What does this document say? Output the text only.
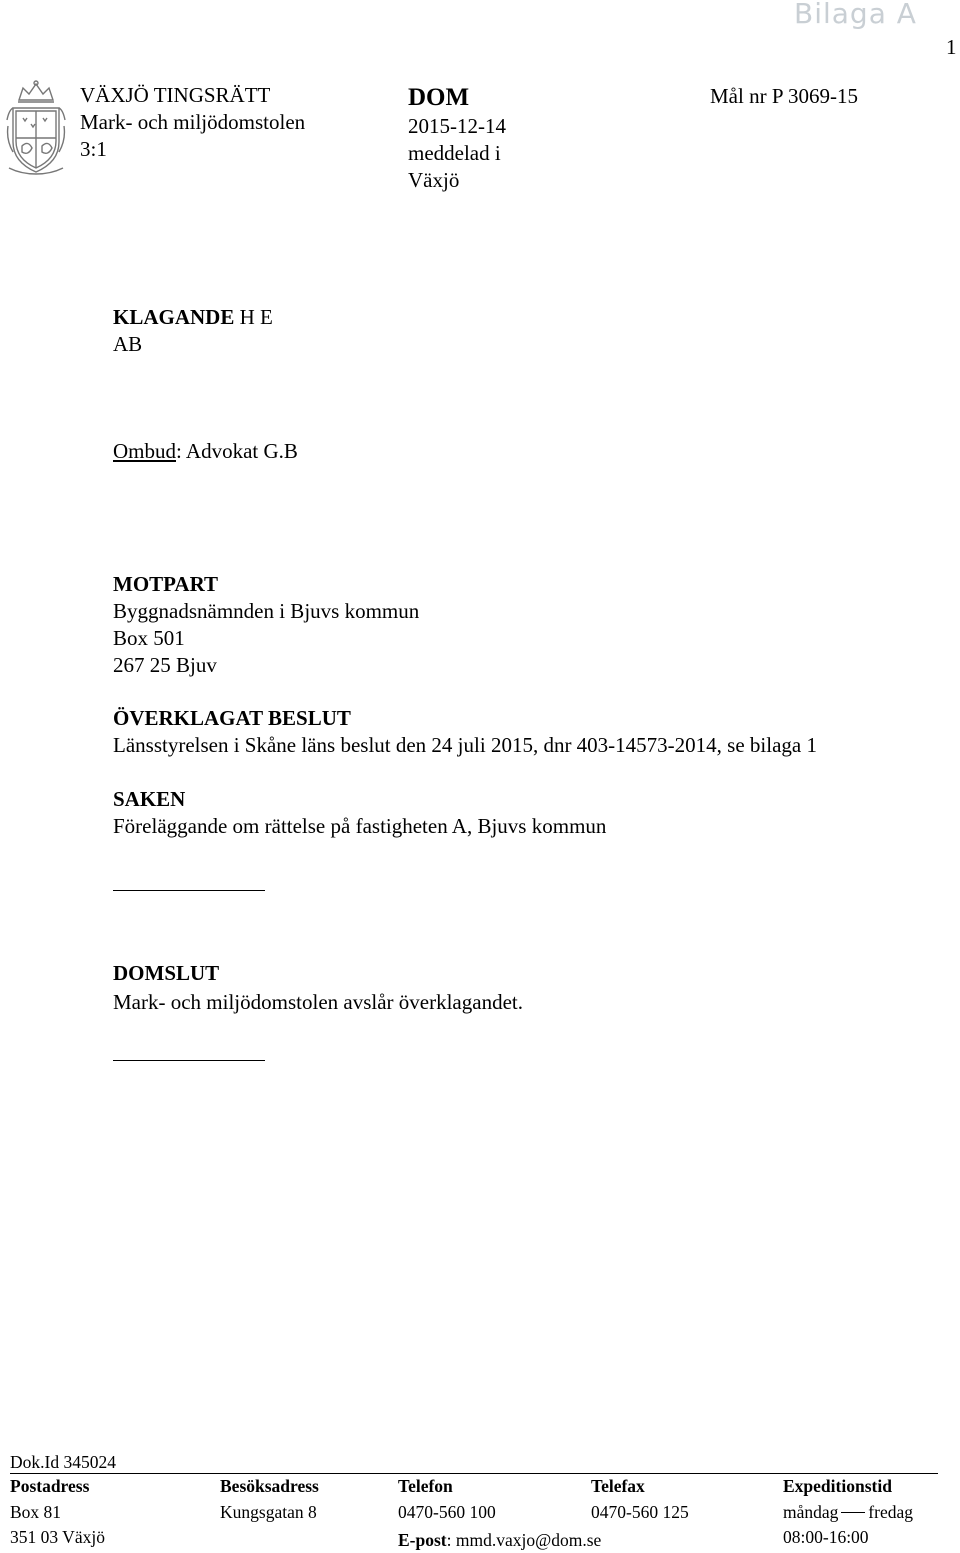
Bilaga A
1
VÄXJÖ TINGSRÄTT
Mark- och miljödomstolen
3:1
DOM
2015-12-14
meddelad i
Växjö
Mål nr P 3069-15
KLAGANDE H E
AB
Ombud: Advokat G.B
MOTPART
Byggnadsnämnden i Bjuvs kommun
Box 501
267 25 Bjuv
ÖVERKLAGAT BESLUT
Länsstyrelsen i Skåne läns beslut den 24 juli 2015, dnr 403-14573-2014, se bilaga 1
SAKEN
Föreläggande om rättelse på fastigheten A, Bjuvs kommun
DOMSLUT
Mark- och miljödomstolen avslår överklagandet.
Dok.Id 345024
Postadress
Box 81
351 03 Växjö
Besöksadress
Kungsgatan 8
Telefon
0470-560 100
E-post: mmd.vaxjo@dom.se
Telefax
0470-560 125
Expeditionstid
måndag fredag
08:00-16:00
